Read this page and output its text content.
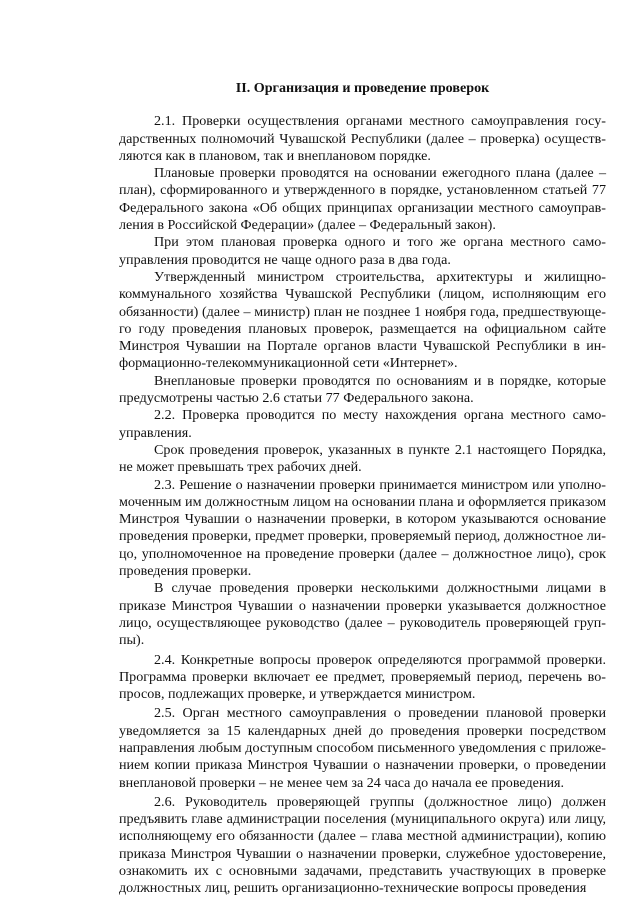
II. Организация и проведение проверок

2.1. Проверки осуществления органами местного самоуправления государственных полномочий Чувашской Республики (далее – проверка) осуществляются как в плановом, так и внеплановом порядке.

Плановые проверки проводятся на основании ежегодного плана (далее – план), сформированного и утвержденного в порядке, установленном статьей 77 Федерального закона «Об общих принципах организации местного самоуправления в Российской Федерации» (далее – Федеральный закон).

При этом плановая проверка одного и того же органа местного самоуправления проводится не чаще одного раза в два года.

Утвержденный министром строительства, архитектуры и жилищно-коммунального хозяйства Чувашской Республики (лицом, исполняющим его обязанности) (далее – министр) план не позднее 1 ноября года, предшествующего году проведения плановых проверок, размещается на официальном сайте Минстроя Чувашии на Портале органов власти Чувашской Республики в информационно-телекоммуникационной сети «Интернет».

Внеплановые проверки проводятся по основаниям и в порядке, которые предусмотрены частью 2.6 статьи 77 Федерального закона.

2.2. Проверка проводится по месту нахождения органа местного самоуправления.

Срок проведения проверок, указанных в пункте 2.1 настоящего Порядка, не может превышать трех рабочих дней.

2.3. Решение о назначении проверки принимается министром или уполномоченным им должностным лицом на основании плана и оформляется приказом Минстроя Чувашии о назначении проверки, в котором указываются основание проведения проверки, предмет проверки, проверяемый период, должностное лицо, уполномоченное на проведение проверки (далее – должностное лицо), срок проведения проверки.

В случае проведения проверки несколькими должностными лицами в приказе Минстроя Чувашии о назначении проверки указывается должностное лицо, осуществляющее руководство (далее – руководитель проверяющей группы).

2.4. Конкретные вопросы проверок определяются программой проверки. Программа проверки включает ее предмет, проверяемый период, перечень вопросов, подлежащих проверке, и утверждается министром.

2.5. Орган местного самоуправления о проведении плановой проверки уведомляется за 15 календарных дней до проведения проверки посредством направления любым доступным способом письменного уведомления с приложением копии приказа Минстроя Чувашии о назначении проверки, о проведении внеплановой проверки – не менее чем за 24 часа до начала ее проведения.

2.6. Руководитель проверяющей группы (должностное лицо) должен предъявить главе администрации поселения (муниципального округа) или лицу, исполняющему его обязанности (далее – глава местной администрации), копию приказа Минстроя Чувашии о назначении проверки, служебное удостоверение, ознакомить их с основными задачами, представить участвующих в проверке должностных лиц, решить организационно-технические вопросы проведения
